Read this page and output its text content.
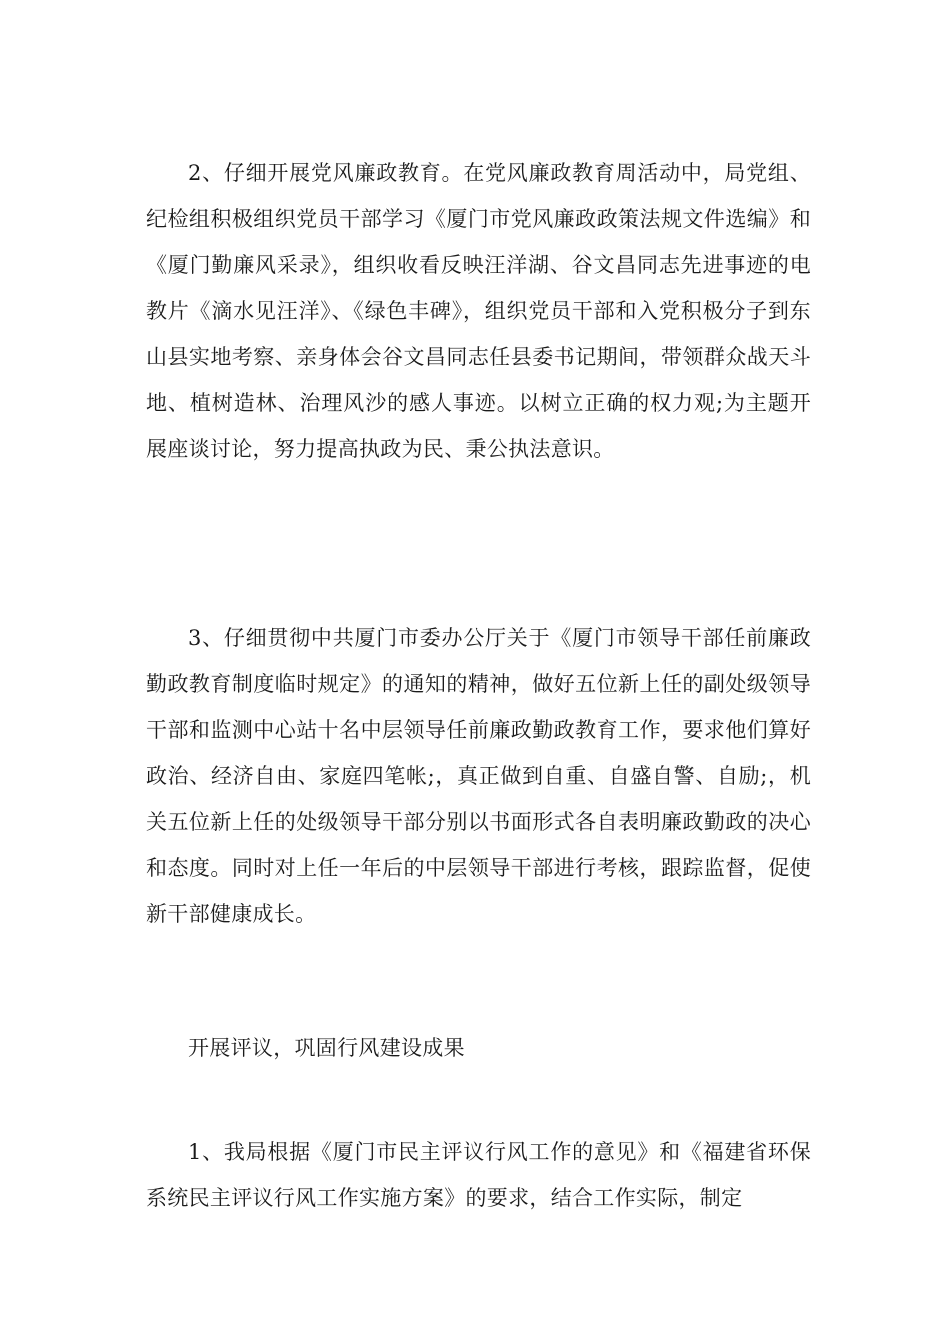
2、仔细开展党风廉政教育。在党风廉政教育周活动中，局党组、纪检组积极组织党员干部学习《厦门市党风廉政政策法规文件选编》和《厦门勤廉风采录》，组织收看反映汪洋湖、谷文昌同志先进事迹的电教片《滴水见汪洋》、《绿色丰碑》，组织党员干部和入党积极分子到东山县实地考察、亲身体会谷文昌同志任县委书记期间，带领群众战天斗地、植树造林、治理风沙的感人事迹。以树立正确的权力观;为主题开展座谈讨论，努力提高执政为民、秉公执法意识。

3、仔细贯彻中共厦门市委办公厅关于《厦门市领导干部任前廉政勤政教育制度临时规定》的通知的精神，做好五位新上任的副处级领导干部和监测中心站十名中层领导任前廉政勤政教育工作，要求他们算好政治、经济自由、家庭四笔帐;，真正做到自重、自盛自警、自励;，机关五位新上任的处级领导干部分别以书面形式各自表明廉政勤政的决心和态度。同时对上任一年后的中层领导干部进行考核，跟踪监督，促使新干部健康成长。

开展评议，巩固行风建设成果

1、我局根据《厦门市民主评议行风工作的意见》和《福建省环保系统民主评议行风工作实施方案》的要求，结合工作实际，制定
